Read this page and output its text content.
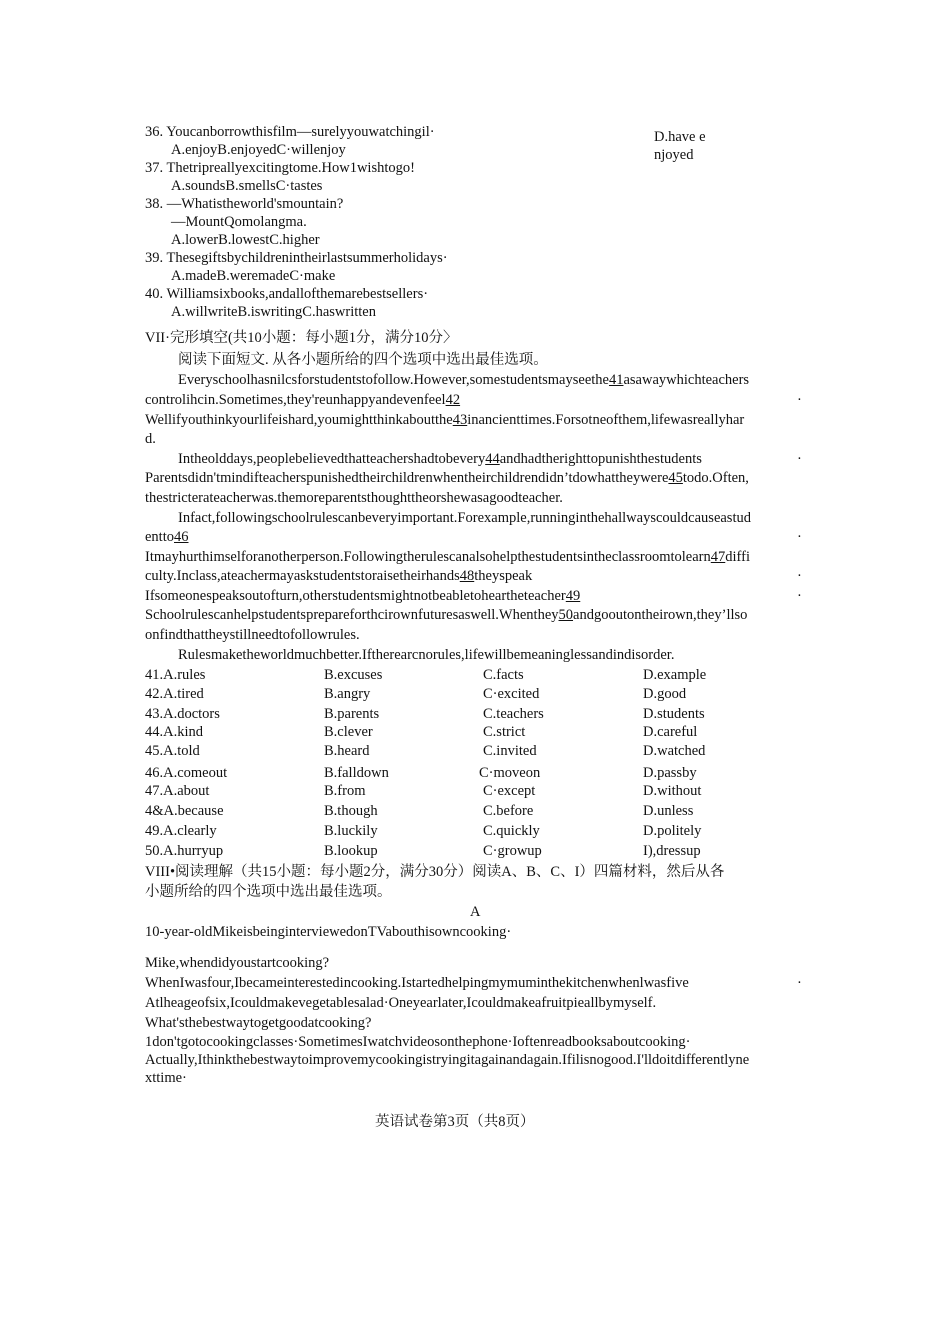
36. Youcanborrowthisfilm—surelyyouwatchingil·
A.enjoyB.enjoyedC·willenjoy
D.have enjoyed
37. Thetripreallyexcitingtome.How1wishtogo!
A.soundsB.smellsC·tastes
38. —Whatistheworld'smountain?
—MountQomolangma.
A.lowerB.lowestC.higher
39. Thesegiftsbychildrenintheirlastsummerholidays·
A.madeB.weremadeC·make
40. Williamsixbooks,andallofthemarebestsellers·
A.willwriteB.iswritingC.haswritten
VII·完形填空(共10小题：每小题1分，满分10分〉
阅读下面短文. 从各小题所给的四个选项中选出最佳选项。
Everyschoolhasnilcsforstudentstofollow.However,somestudentsmayseethe41asawaywhichteachers
controlihcin.Sometimes,they'reunhappyandevenfeel42	·
Wellifyouthinkyourlifeishard,youmightthinkaboutthe43inancienttimes.Forsotneofthem,lifewasreallyhar
d.
Intheolddays,peoplebelievedthatteachershadtobevery44andhadtherighttopunishthestudents	·
Parentsdidn'tmindifteacherspunishedtheirchildrenwhentheirchildrendidn’tdowhattheywere45todo.Often,
thestricterateacherwas.themoreparentsthoughttheorshewasagoodteacher.
Infact,followingschoolrulescanbeveryimportant.Forexample,runninginthehallwayscouldcauseastud
entto46	·
Itmayhurthimselforanotherperson.Followingtherulescanalsohelpthestudentsintheclassroomtolearn47diffi
culty.Inclass,ateachermayaskstudentstoraisetheirhands48theyspeak	·
Ifsomeonespeaksoutofturn,otherstudentsmightnotbeabletoheartheteacher49	·
Schoolrulescanhelpstudentsprepareforthcirownfuturesaswell.Whenthey50andgooutontheirown,they’llso
onfindthattheystillneedtofollowrules.
Rulesmaketheworldmuchbetter.Iftherearcnorules,lifewillbemeaninglessandindisorder.
41.A.rules	B.excuses	C.facts	D.example
42.A.tired	B.angry	C·excited	D.good
43.A.doctors	B.parents	C.teachers	D.students
44.A.kind	B.clever	C.strict	D.careful
45.A.told	B.heard	C.invited	D.watched
46.A.comeout	B.falldown	C·moveon	D.passby
47.A.about	B.from	C·except	D.without
4&A.because	B.though	C.before	D.unless
49.A.clearly	B.luckily	C.quickly	D.politely
50.A.hurryup	B.lookup	C·growup	I),dressup
VIII•阅读理解（共15小题：每小题2分，满分30分）阅读A、B、C、I）四篇材料，然后从各
小题所给的四个选项中选出最佳选项。
A
10-year-oldMikeisbeinginterviewedonTVabouthisowncooking·
Mike,whendidyoustartcooking?
WhenIwasfour,Ibecameinterestedincooking.Istartedhelpingmymuminthekitchenwhenlwasfive	·
Atlheageofsix,Icouldmakevegetablesalad·Oneyearlater,Icouldmakeafruitpieallbymyself.
What'sthebestwaytogetgoodatcooking?
1don'tgotocookingclasses·SometimesIwatchvideosonthephone·Ioftenreadbooksaboutcooking·
Actually,Ithinkthebestwaytoimprovemycookingistryingitagainandagain.Ifilisnogood.I'lldoitdifferentlyne
xttime·
英语试卷第3页（共8页）
